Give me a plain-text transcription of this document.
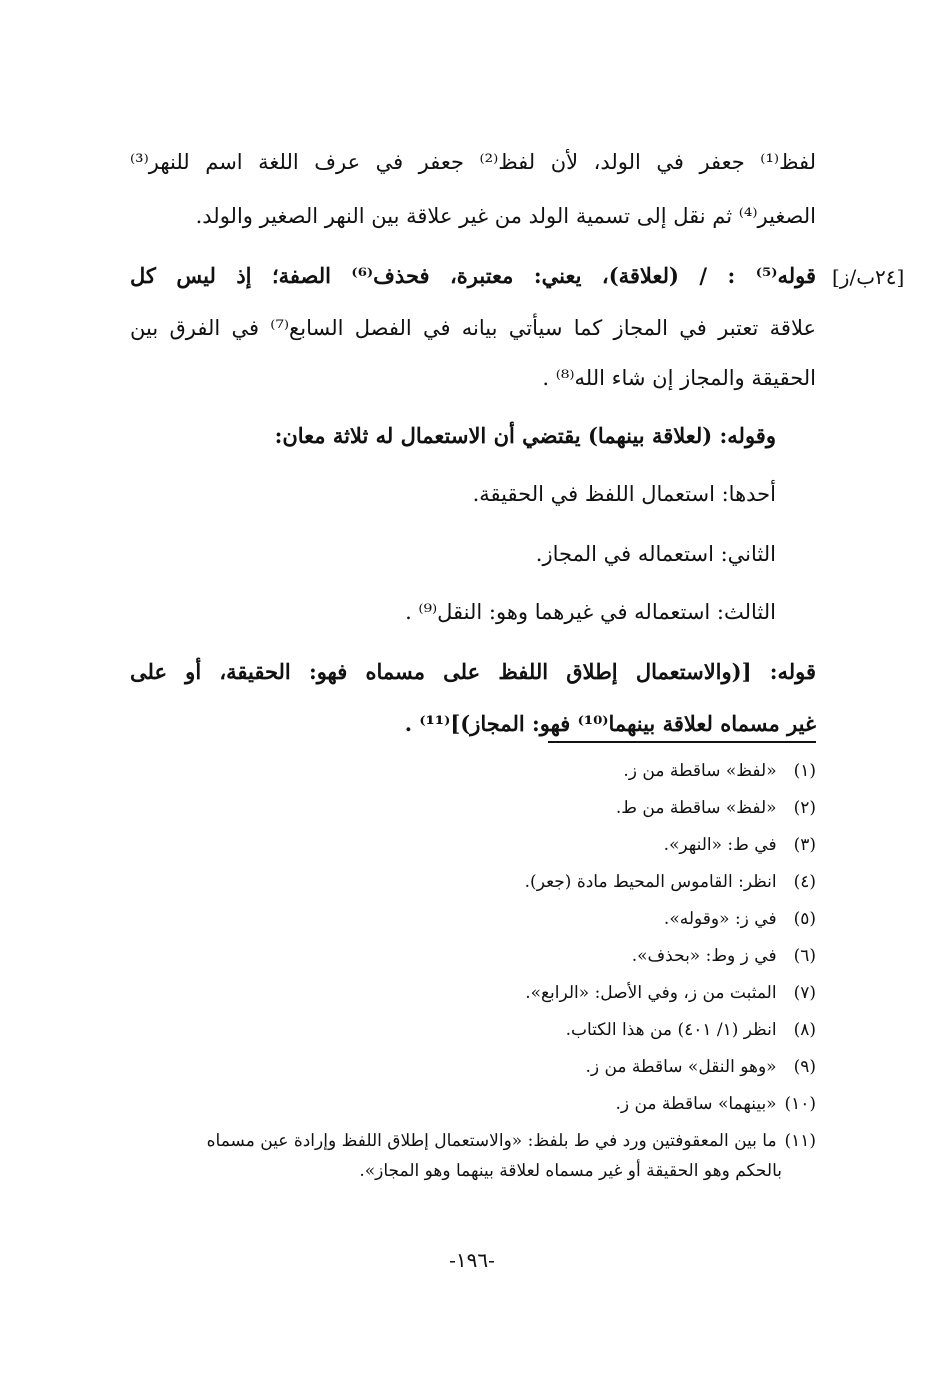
[٢٤ب/ز]
لفظ⁽¹⁾ جعفر في الولد، لأن لفظ⁽²⁾ جعفر في عرف اللغة اسم للنهر⁽³⁾
الصغير⁽⁴⁾ ثم نقل إلى تسمية الولد من غير علاقة بين النهر الصغير والولد.
قوله⁽⁵⁾ : / (لعلاقة)، يعني: معتبرة، فحذف⁽⁶⁾ الصفة؛ إذ ليس كل
علاقة تعتبر في المجاز كما سيأتي بيانه في الفصل السابع⁽⁷⁾ في الفرق بين
الحقيقة والمجاز إن شاء الله⁽⁸⁾ .
وقوله: (لعلاقة بينهما) يقتضي أن الاستعمال له ثلاثة معان:
أحدها: استعمال اللفظ في الحقيقة.
الثاني: استعماله في المجاز.
الثالث: استعماله في غيرهما وهو: النقل⁽⁹⁾ .
قوله: [(والاستعمال إطلاق اللفظ على مسماه فهو: الحقيقة، أو على
غير مسماه لعلاقة بينهما⁽¹⁰⁾ فهو: المجاز)]⁽¹¹⁾ .
(١) «لفظ» ساقطة من ز.
(٢) «لفظ» ساقطة من ط.
(٣) في ط: «النهر».
(٤) انظر: القاموس المحيط مادة (جعر).
(٥) في ز: «وقوله».
(٦) في ز وط: «بحذف».
(٧) المثبت من ز، وفي الأصل: «الرابع».
(٨) انظر (١/ ٤٠١) من هذا الكتاب.
(٩) «وهو النقل» ساقطة من ز.
(١٠) «بينهما» ساقطة من ز.
(١١) ما بين المعقوفتين ورد في ط بلفظ: «والاستعمال إطلاق اللفظ وإرادة عين مسماه
بالحكم وهو الحقيقة أو غير مسماه لعلاقة بينهما وهو المجاز».
-١٩٦-
